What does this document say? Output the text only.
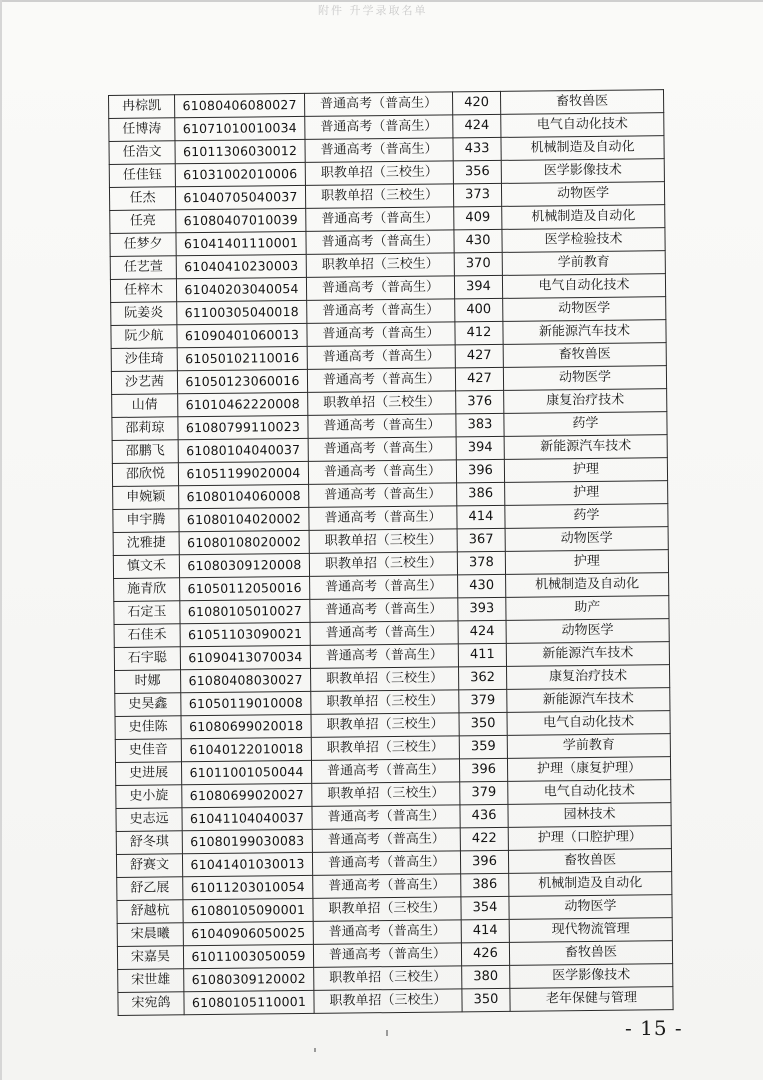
附件 升学录取名单
冉棕凯	61080406080027	普通高考（普高生）	420	畜牧兽医
任博涛	61071010010034	普通高考（普高生）	424	电气自动化技术
任浩文	61011306030012	普通高考（普高生）	433	机械制造及自动化
任佳钰	61031002010006	职教单招（三校生）	356	医学影像技术
任杰	61040705040037	职教单招（三校生）	373	动物医学
任亮	61080407010039	普通高考（普高生）	409	机械制造及自动化
任梦夕	61041401110001	普通高考（普高生）	430	医学检验技术
任艺萱	61040410230003	职教单招（三校生）	370	学前教育
任梓木	61040203040054	普通高考（普高生）	394	电气自动化技术
阮姜炎	61100305040018	普通高考（普高生）	400	动物医学
阮少航	61090401060013	普通高考（普高生）	412	新能源汽车技术
沙佳琦	61050102110016	普通高考（普高生）	427	畜牧兽医
沙艺茜	61050123060016	普通高考（普高生）	427	动物医学
山倩	61010462220008	职教单招（三校生）	376	康复治疗技术
邵莉琼	61080799110023	普通高考（普高生）	383	药学
邵鹏飞	61080104040037	普通高考（普高生）	394	新能源汽车技术
邵欣悦	61051199020004	普通高考（普高生）	396	护理
申婉颖	61080104060008	普通高考（普高生）	386	护理
申宇腾	61080104020002	普通高考（普高生）	414	药学
沈雅捷	61080108020002	职教单招（三校生）	367	动物医学
慎文禾	61080309120008	职教单招（三校生）	378	护理
施青欣	61050112050016	普通高考（普高生）	430	机械制造及自动化
石定玉	61080105010027	普通高考（普高生）	393	助产
石佳禾	61051103090021	普通高考（普高生）	424	动物医学
石宇聪	61090413070034	普通高考（普高生）	411	新能源汽车技术
时娜	61080408030027	职教单招（三校生）	362	康复治疗技术
史昊鑫	61050119010008	职教单招（三校生）	379	新能源汽车技术
史佳陈	61080699020018	职教单招（三校生）	350	电气自动化技术
史佳音	61040122010018	职教单招（三校生）	359	学前教育
史进展	61011001050044	普通高考（普高生）	396	护理（康复护理）
史小旋	61080699020027	职教单招（三校生）	379	电气自动化技术
史志远	61041104040037	普通高考（普高生）	436	园林技术
舒冬琪	61080199030083	普通高考（普高生）	422	护理（口腔护理）
舒赛文	61041401030013	普通高考（普高生）	396	畜牧兽医
舒乙展	61011203010054	普通高考（普高生）	386	机械制造及自动化
舒越杭	61080105090001	职教单招（三校生）	354	动物医学
宋晨曦	61040906050025	普通高考（普高生）	414	现代物流管理
宋嘉昊	61011003050059	普通高考（普高生）	426	畜牧兽医
宋世雄	61080309120002	职教单招（三校生）	380	医学影像技术
宋宛鸽	61080105110001	职教单招（三校生）	350	老年保健与管理
- 15 -
